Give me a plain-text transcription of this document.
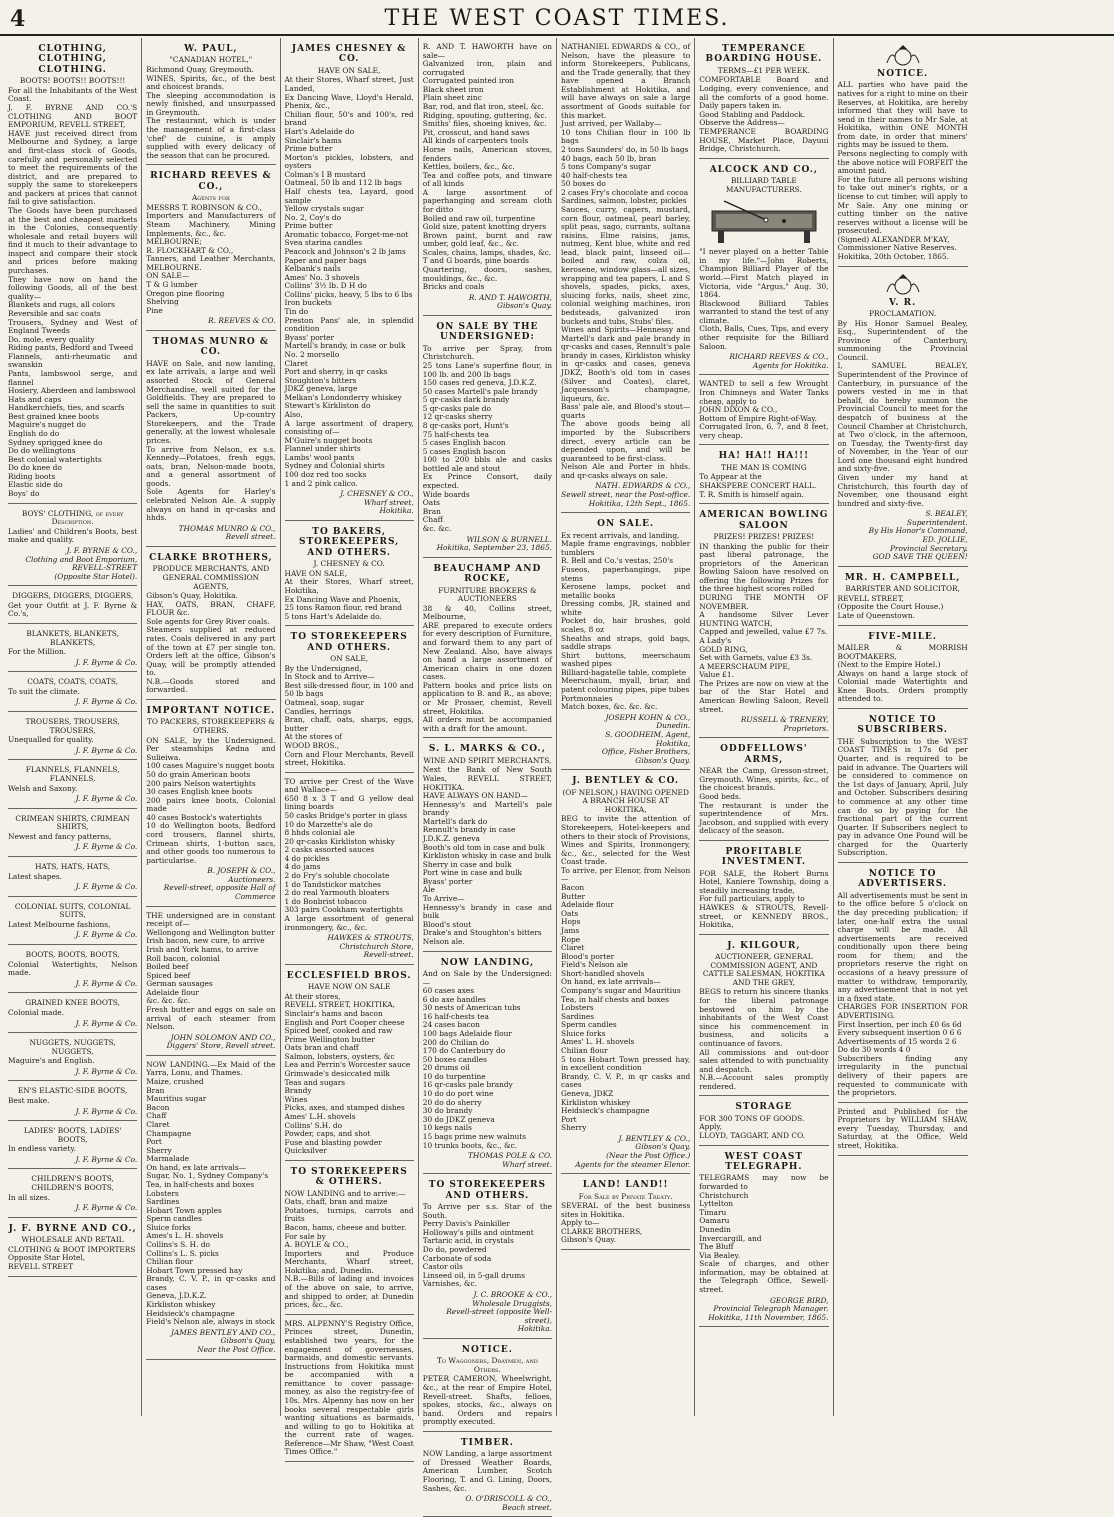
4	THE WEST COAST TIMES.
CLOTHING, CLOTHING, CLOTHING.
BOOTS! BOOTS!! BOOTS!!!
For all the Inhabitants of the West Coast.
J. F. BYRNE AND CO.'S CLOTHING AND BOOT EMPORIUM, REVELL STREET,
HAVE just received direct from Melbourne and Sydney, a large and first-class stock of Goods, carefully and personally selected to meet the requirements of the district, and are prepared to supply the same to storekeepers and packers at prices that cannot fail to give satisfaction.
The Goods have been purchased at the best and cheapest markets in the Colonies, consequently wholesale and retail buyers will find it much to their advantage to inspect and compare their stock and prices before making purchases.
They have now on hand the following Goods, all of the best quality—
Blankets and rugs, all colors
Reversible and sac coats
Trousers, Sydney and West of England Tweeds
Do. mole, every quality
Riding pants, Bedford and Tweed
Flannels, anti-rheumatic and swanskin
Pants, lambswool serge, and flannel
Hosiery, Aberdeen and lambswool
Hats and caps
Handkerchiefs, ties, and scarfs
Best grained knee boots
Maguire's nugget do
English do do
Sydney sprigged knee do
Do do wellingtons
Best colonial watertights
Do do knee do
Riding boots
Elastic side do
Boys' do
BOYS' CLOTHING, of every Description.
Ladies' and Children's Boots, best make and quality.
J. F. BYRNE & CO.,
Clothing and Boot Emporium,
REVELL-STREET
(Opposite Star Hotel).
DIGGERS, DIGGERS, DIGGERS,
Get your Outfit at J. F. Byrne & Co.'s,
BLANKETS, BLANKETS, BLANKETS,
For the Million.
J. F. Byrne & Co.
COATS, COATS, COATS,
To suit the climate.
J. F. Byrne & Co.
TROUSERS, TROUSERS, TROUSERS,
Unequalled for quality.
J. F. Byrne & Co.
FLANNELS, FLANNELS, FLANNELS,
Welsh and Saxony.
J. F. Byrne & Co.
CRIMEAN SHIRTS, CRIMEAN SHIRTS,
Newest and fancy patterns,
J. F. Byrne & Co.
HATS, HATS, HATS,
Latest shapes.
J. F. Byrne & Co.
COLONIAL SUITS, COLONIAL SUITS,
Latest Melbourne fashions,
J. F. Byrne & Co.
BOOTS, BOOTS, BOOTS,
Colonial Watertights, Nelson made.
J. F. Byrne & Co.
GRAINED KNEE BOOTS,
Colonial made.
J. F. Byrne & Co.
NUGGETS, NUGGETS, NUGGETS,
Maguire's and English.
J. F. Byrne & Co.
EN'S ELASTIC-SIDE BOOTS,
Best make.
J. F. Byrne & Co.
LADIES' BOOTS, LADIES' BOOTS,
In endless variety.
J. F. Byrne & Co.
CHILDREN'S BOOTS, CHILDREN'S BOOTS,
In all sizes.
J. F. Byrne & Co.
J. F. BYRNE AND CO.,
WHOLESALE AND RETAIL
CLOTHING & BOOT IMPORTERS
Opposite Star Hotel,
REVELL STREET
W. PAUL,
"CANADIAN HOTEL,"
Richmond Quay, Greymouth.
WINES, Spirits, &c., of the best and choicest brands.
The sleeping accommodation is newly finished, and unsurpassed in Greymouth.
The restaurant, which is under the management of a first-class 'chef' de cuisine, is amply supplied with every delicacy of the season that can be procured.
RICHARD REEVES & CO.,
Agents for
MESSRS T. ROBINSON & CO.,
Importers and Manufacturers of Steam Machinery, Mining Implements, &c., &c.
MELBOURNE;
R. FLOCKHART & CO.,
Tanners, and Leather Merchants, MELBOURNE.
ON SALE—
T & G lumber
Oregon pine flooring
Shelving
Pine
R. REEVES & CO.
THOMAS MUNRO & CO.
HAVE on Sale, and now landing, ex late arrivals, a large and well assorted Stock of General Merchandise, well suited for the Goldfields. They are prepared to sell the same in quantities to suit Packers, Up-country Storekeepers, and the Trade generally, at the lowest wholesale prices.
To arrive from Nelson, ex s.s. Kennedy—Potatoes, fresh eggs, oats, bran, Nelson-made boots, and a general assortment of goods.
Sole Agents for Harley's celebrated Nelson Ale. A supply always on hand in qr-casks and hhds.
THOMAS MUNRO & CO.,
Revell street.
CLARKE BROTHERS,
PRODUCE MERCHANTS, AND GENERAL COMMISSION AGENTS,
Gibson's Quay, Hokitika.
HAY, OATS, BRAN, CHAFF, FLOUR &c.
Sole agents for Grey River coals.
Steamers supplied at reduced rates. Coals delivered in any part of the town at £7 per single ton. Orders left at the office, Gibson's Quay, will be promptly attended to.
N.B.—Goods stored and forwarded.
IMPORTANT NOTICE.
TO PACKERS, STOREKEEPERS & OTHERS.
ON SALE, by the Undersigned. Per steamships Kedna and Sulieiwa.
100 cases Maguire's nugget boots
50 do grain American boots
200 pairs Nelson watertights
30 cases English knee boots
200 pairs knee boots, Colonial made
40 cases Bostock's watertights
10 do Wellington boots, Bedford cord trousers, flannel shirts, Crimean shirts, 1-button sacs, and other goods too numerous to particularise.
B. JOSEPH & CO.,
Auctioneers.
Revell-street, opposite Hall of Commerce
THE undersigned are in constant receipt of—
Wellongong and Wellington butter
Irish bacon, new cure, to arrive
Irish and York hams, to arrive
Roll bacon, colonial
Boiled beef
Spiced beef
German sausages
Adelaide flour
&c. &c. &c.
Fresh butter and eggs on sale on arrival of each steamer from Nelson.
JOHN SOLOMON AND CO.,
Diggers' Store, Revell street.
NOW LANDING.—Ex Maid of the Yarra, Lonu, and Thames.
Maize, crushed
Bran
Mauritius sugar
Bacon
Chaff
Claret
Champagne
Port
Sherry
Marmalade
On hand, ex late arrivals—
Sugar, No. 1, Sydney Company's
Tea, in half-chests and boxes
Lobsters
Sardines
Hobart Town apples
Sperm candles
Sluice forks
Ames's L. H. shovels
Collins's S. H. do
Collins's L. S. picks
Chilian flour
Hobart Town pressed hay
Brandy, C. V. P., in qr-casks and cases
Geneva, J.D.K.Z.
Kirkliston whiskey
Heidsieck's champagne
Field's Nelson ale, always in stock
JAMES BENTLEY AND CO.,
Gibson's Quay,
Near the Post Office.
JAMES CHESNEY & CO.
HAVE ON SALE,
At their Stores, Wharf street, Just Landed,
Ex Dancing Wave, Lloyd's Herald, Phenix, &c.,
Chilian flour, 50's and 100's, red brand
Hart's Adelaide do
Sinclair's hams
Prime butter
Morton's pickles, lobsters, and oysters
Colman's I B mustard
Oatmeal, 50 lb and 112 lb bags
Half chests tea, Layard, good sample
Yellow crystals sugar
No. 2, Coy's do
Prime butter
Aromatic tobacco, Forget-me-not
Svea starina candles
Peacock and Johnson's 2 lb jams
Paper and paper bags
Kelbank's nails
Ames' No. 3 shovels
Collins' 3½ lb. D H do
Collins' picks, heavy, 5 lbs to 6 lbs
Iron buckets
Tin do
Preston Pans' ale, in splendid condition
Byass' porter
Martell's brandy, in case or bulk
No. 2 morsello
Claret
Port and sherry, in qr casks
Stoughton's bitters
JDKZ geneva, large
Melkan's Londonderry whiskey
Stewart's Kirkliston do
Also,
A large assortment of drapery, consisting of—
M'Guire's nugget boots
Flannel under shirts
Lambs' wool pants
Sydney and Colonial shirts
100 doz red too socks
1 and 2 pink calico.
J. CHESNEY & CO.,
Wharf street,
Hokitika.
TO BAKERS, STOREKEEPERS, AND OTHERS.
J. CHESNEY & CO.
HAVE ON SALE,
At their Stores, Wharf street, Hokitika,
Ex Dancing Wave and Phoenix,
25 tons Ramon flour, red brand
5 tons Hart's Adelaide do.
TO STOREKEEPERS AND OTHERS.
ON SALE,
By the Undersigned,
In Stock and to Arrive—
Best silk-dressed flour, in 100 and 50 lb bags
Oatmeal, soap, sugar
Candles, herrings
Bran, chaff, oats, sharps, eggs, butter
At the stores of
WOOD BROS.,
Corn and Flour Merchants, Revell street, Hokitika.
TO arrive per Crest of the Wave and Wallace—
650 8 x 3 T and G yellow deal lining boards
50 casks Bridge's porter in glass
10 do Marzette's ale do
8 hhds colonial ale
20 qr-casks Kirkliston whisky
2 casks assorted sauces
4 do pickles
4 do jams
2 do Fry's soluble chocolate
1 do Tandstickor matches
2 do real Yarmouth bloaters
1 do Bonbrist tobacco
303 pairs Cookham watertights
A large assortment of general ironmongery, &c., &c.
HAWKES & STROUTS,
Christchurch Store,
Revell-street.
ECCLESFIELD BROS.
HAVE NOW ON SALE
At their stores,
REVELL STREET, HOKITIKA,
Sinclair's hams and bacon
English and Port Cooper cheese
Spiced beef, cooked and raw
Prime Wellington butter
Oats bran and chaff
Salmon, lobsters, oysters, &c
Lea and Perrin's Worcester sauce
Grimwade's desiccated milk
Teas and sugars
Brandy
Wines
Picks, axes, and stamped dishes
Ames' L.H. shovels
Collins' S.H. do
Powder, caps, and shot
Fuse and blasting powder
Quicksilver
TO STOREKEEPERS & OTHERS.
NOW LANDING and to arrive:—
Oats, chaff, bran and maize
Potatoes, turnips, carrots and fruits
Bacon, hams, cheese and butter.
For sale by
A. BOYLE & CO.,
Importers and Produce Merchants, Wharf street, Hokitika; and, Dunedin.
N.B.—Bills of lading and invoices of the above on sale, to arrive, and shipped to order, at Dunedin prices, &c., &c.
MRS. ALPENNY'S Registry Office, Princes street, Dunedin, established two years, for the engagement of governesses, barmaids, and domestic servants. Instructions from Hokitika must be accompanied with a remittance to cover passage-money, as also the registry-fee of 10s. Mrs. Alpenny has now on her books several respectable girls wanting situations as barmaids, and willing to go to Hokitika at the current rate of wages. Reference—Mr Shaw, "West Coast Times Office."
R. AND T. HAWORTH have on sale—
Galvanized iron, plain and corrugated
Corrugated painted iron
Black sheet iron
Plain sheet zinc
Bar, rod, and flat iron, steel, &c.
Ridging, spouting, guttering, &c.
Smiths' files, shoeing knives, &c.
Pit, crosscut, and hand saws
All kinds of carpenters tools
Horse nails, American stoves, fenders
Kettles, boilers, &c., &c.
Tea and coffee pots, and tinware of all kinds
A large assortment of paperhanging and scream cloth for ditto
Bolled and raw oil, turpentine
Gold size, patent knotting dryers
Brown paint, burnt and raw umber, gold leaf, &c., &c.
Scales, chains, lamps, shades, &c.
T and G boards, pine boards
Quartering, doors, sashes, mouldings, &c., &c.
Bricks and coals
R. AND T. HAWORTH,
Gibson's Quay.
ON SALE BY THE UNDERSIGNED:
To arrive per Spray, from Christchurch.
25 tons Lane's superfine flour, in 100 lb. and 200 lb bags
150 cases red geneva, J.D.K.Z.
50 cases Martell's pale brandy
5 qr-casks dark brandy
5 qr-casks pale do
12 qr-casks sherry
8 qr-casks port, Hunt's
75 half-chests tea
5 cases English bacon
5 cases English bacon
100 to 200 bbls ale and casks bottled ale and stout
Ex Prince Consort, daily expected.
Wide boards
Oats
Bran
Chaff
&c. &c.
WILSON & BURNELL.
Hokitika, September 23, 1865.
BEAUCHAMP AND ROCKE,
FURNITURE BROKERS & AUCTIONEERS
38 & 40, Collins street, Melbourne,
ARE prepared to execute orders for every description of Furniture, and forward them to any part of New Zealand. Also, have always on hand a large assortment of American chairs in one dozen cases.
Pattern books and price lists on application to B. and R., as above; or Mr Prosser, chemist, Revell street, Hokitika.
All orders must be accompanied with a draft for the amount.
S. L. MARKS & CO.,
WINE AND SPIRIT MERCHANTS,
Next the Bank of New South Wales, REVELL STREET, HOKITIKA.
HAVE ALWAYS ON HAND—
Hennessy's and Martell's pale brandy
Martell's dark do
Rennult's brandy in case
J.D.K.Z. geneva
Booth's old tom in case and bulk
Kirkliston whisky in case and bulk
Sherry in case and bulk
Port wine in case and bulk
Byass' porter
Ale
To Arrive—
Hennessy's brandy in case and bulk
Blood's stout
Drake's and Stoughton's bitters
Nelson ale.
NOW LANDING,
And on Sale by the Undersigned:—
60 cases axes
6 do axe handles
30 nests of American tubs
16 half-chests tea
24 cases bacon
100 bags Adelaide flour
200 do Chilian do
170 do Canterbury do
50 boxes candles
20 drums oil
10 do turpentine
16 qr-casks pale brandy
10 do do port wine
20 do do sherry
30 do brandy
30 do JDKZ geneva
10 kegs nails
15 bags prime new walnuts
10 trunks boots, &c., &c.
THOMAS POLE & CO.
Wharf street.
TO STOREKEEPERS AND OTHERS.
To Arrive per s.s. Star of the South.
Perry Davis's Painkiller
Holloway's pills and ointment
Tartaric acid, in crystals
Do do, powdered
Carbonate of soda
Castor oils
Linseed oil, in 5-gall drums
Varnishes, &c.
J. C. BROOKE & CO.,
Wholesale Druggists,
Revell-street (opposite Well-street),
Hokitika.
NOTICE.
To Waggoners, Draymen, and Others.
PETER CAMERON, Wheelwright, &c., at the rear of Empire Hotel, Revell-street. Shafts, felloes, spokes, stocks, &c., always on hand. Orders and repairs promptly executed.
TIMBER.
NOW Landing, a large assortment of Dressed Weather Boards, American Lumber, Scotch Flooring, T. and G. Lining, Doors, Sashes, &c.
O. O'DRISCOLL & CO.,
Beach street.
NATHANIEL EDWARDS & CO., of Nelson, have the pleasure to inform Storekeepers, Publicans, and the Trade generally, that they have opened a Branch Establishment at Hokitika, and will have always on sale a large assortment of Goods suitable for this market.
Just arrived, per Wallaby—
10 tons Chilian flour in 100 lb bags
2 tons Saunders' do, in 50 lb bags
40 bags, each 50 lb, bran
5 tons Company's sugar
40 half-chests tea
50 boxes do
2 cases Fry's chocolate and cocoa
Sardines, salmon, lobster, pickles
Sauces, curry, capers, mustard, corn flour, oatmeal, pearl barley, split peas, sago, currants, sultana raisins, Elme raisins, jams, nutmeg, Kent blue, white and red lead, black paint, linseed oil—boiled and raw, colza oil, kerosene, window glass—all sizes, wrapping and tea papers, L and S shovels, spades, picks, axes, sluicing forks, nails, sheet zinc, colonial weighing machines, iron bedsteads, galvanized iron buckets and tubs, Stubs' files.
Wines and Spirits—Hennessy and Martell's dark and pale brandy in qr-casks and cases, Rennult's pale brandy in cases, Kirkliston whisky in qr-casks and cases, geneva JDKZ, Booth's old tom in cases (Silver and Coates), claret, Jacquesson's champagne, liqueurs, &c.
Bass' pale ale, and Blood's stout—quarts
The above goods being all imported by the Subscribers direct, every article can be depended upon, and will be guaranteed to be first-class.
Nelson Ale and Porter in hhds. and qr-casks always on sale.
NATH. EDWARDS & CO.,
Sewell street, near the Post-office.
Hokitika, 12th Sept., 1865.
ON SALE.
Ex recent arrivals, and landing,
Maple frame engravings, nobbler tumblers
R. Bell and Co.'s vestas, 250's
Fuseos, paperhangings, pipe stems
Kerosene lamps, pocket and metallic books
Dressing combs, JR, stained and white
Pocket do, hair brushes, gold scales, 8 oz
Sheaths and straps, gold bags, saddle straps
Shirt buttons, meerschaum washed pipes
Billiard-bagatelle table, complete
Meerschaum, myall, briar, and patent colouring pipes, pipe tubes
Portmonnaies
Match boxes, &c. &c. &c.
JOSEPH KOHN & CO.,
Dunedin.
S. GOODHEIM, Agent,
Hokitika,
Office, Fisher Brothers,
Gibson's Quay.
J. BENTLEY & CO.
(OF NELSON,) HAVING OPENED A BRANCH HOUSE AT HOKITIKA,
BEG to invite the attention of Storekeepers, Hotel-keepers and others to their stock of Provisions, Wines and Spirits, Ironmongery, &c., &c., selected for the West Coast trade.
To arrive, per Elenor, from Nelson—
Bacon
Butter
Adelaide flour
Oats
Hops
Jams
Rope
Claret
Blood's porter
Field's Nelson ale
Short-handled shovels
On hand, ex late arrivals—
Company's sugar and Mauritius
Tea, in half chests and boxes
Lobsters
Sardines
Sperm candles
Sluice forks
Ames' L. H. shovels
Chilian flour
5 tons Hobart Town pressed hay, in excellent condition
Brandy, C. V. P., in qr casks and cases
Geneva, JDKZ
Kirkliston whiskey
Heidsieck's champagne
Port
Sherry
J. BENTLEY & CO.,
Gibson's Quay,
(Near the Post Office.)
Agents for the steamer Elenor.
LAND! LAND!!
For Sale by Private Treaty.
SEVERAL of the best business sites in Hokitika.
Apply to—
CLARKE BROTHERS,
Gibson's Quay.
TEMPERANCE BOARDING HOUSE.
TERMS—£1 PER WEEK.
COMFORTABLE Board and Lodging, every convenience, and all the comforts of a good home. Daily papers taken in.
Good Stabling and Paddock.
Observe the Address—
TEMPERANCE BOARDING HOUSE, Market Place, Dayuui Bridge, Christchurch.
ALCOCK AND CO.,
BILLIARD TABLE MANUFACTURERS.
"I never played on a better Table in my life."—John Roberts, Champion Billiard Player of the world.—First Match played in Victoria, vide "Argus," Aug. 30, 1864.
Blackwood Billiard Tables warranted to stand the test of any climate.
Cloth, Balls, Cues, Tips, and every other requisite for the Billiard Saloon.
RICHARD REEVES & CO.,
Agents for Hokitika.
WANTED to sell a few Wrought Iron Chimneys and Water Tanks cheap, apply to
JOHN DIXON & CO.,
Bottom of Empire Right-of-Way.
Corrugated Iron, 6, 7, and 8 feet, very cheap.
HA! HA!! HA!!!
THE MAN IS COMING
To Appear at the
SHAKSPERE CONCERT HALL.
T. R. Smith is himself again.
AMERICAN BOWLING SALOON
PRIZES! PRIZES! PRIZES!
IN thanking the public for their past liberal patronage, the proprietors of the American Bowling Saloon have resolved on offering the following Prizes for the three highest scores rolled
DURING THE MONTH OF NOVEMBER.
A handsome Silver Lever HUNTING WATCH,
Capped and jewelled, value £7 7s.
A Lady's
GOLD RING,
Set with Garnets, value £3 3s.
A MEERSCHAUM PIPE,
Value £1.
The Prizes are now on view at the bar of the Star Hotel and American Bowling Saloon, Revell street.
RUSSELL & TRENERY, Proprietors.
ODDFELLOWS' ARMS,
NEAR the Camp, Gresson-street, Greymouth. Wines, spirits, &c., of the choicest brands.
Good beds.
The restaurant is under the superintendence of Mrs. Jacobson, and supplied with every delicacy of the season.
PROFITABLE INVESTMENT.
FOR SALE, the Robert Burns Hotel, Kaniere Township, doing a steadily increasing trade,
For full particulars, apply to
HAWKES & STROUTS, Revell-street, or KENNEDY BROS., Hokitika,
J. KILGOUR,
AUCTIONEER, GENERAL COMMISSION AGENT, AND CATTLE SALESMAN, HOKITIKA AND THE GREY,
BEGS to return his sincere thanks for the liberal patronage bestowed on him by the inhabitants of the West Coast since his commencement in business, and solicits a continuance of favors.
All commissions and out-door sales attended to with punctuality and despatch.
N.B.—Account sales promptly rendered.
STORAGE
FOR 300 TONS OF GOODS.
Apply,
LLOYD, TAGGART, AND CO.
WEST COAST TELEGRAPH.
TELEGRAMS may now be forwarded to
Christchurch
Lyttelton
Timaru
Oamaru
Dunedin
Invercargill, and
The Bluff
Via Bealey.
Scale of charges, and other information, may be obtained at the Telegraph Office, Sewell-street.
GEORGE BIRD,
Provincial Telegraph Manager.
Hokitika, 11th November, 1865.
NOTICE.
ALL parties who have paid the natives for a right to mine on their Reserves, at Hokitika, are hereby informed that they will have to send in their names to Mr Sale, at Hokitika, within ONE MONTH from date, in order that miners' rights may be issued to them.
Persons neglecting to comply with the above notice will FORFEIT the amount paid.
For the future all persons wishing to take out miner's rights, or a license to cut timber, will apply to Mr Sale. Any one mining or cutting timber on the native reserves without a license will be prosecuted.
(Signed) ALEXANDER M'KAY,
Commissioner Native Reserves.
Hokitika, 20th October, 1865.
V. R.
PROCLAMATION.
By His Honor Samuel Bealey, Esq., Superintendent of the Province of Canterbury, summoning the Provincial Council.
I, SAMUEL BEALEY, Superintendent of the Province of Canterbury, in pursuance of the powers vested in me in that behalf, do hereby summon the Provincial Council to meet for the despatch of business at the Council Chamber at Christchurch, at Two o'clock, in the afternoon, on Tuesday, the Twenty-first day of November, in the Year of our Lord one thousand eight hundred and sixty-five.
Given under my hand at Christchurch, this fourth day of November, one thousand eight hundred and sixty-five.
S. BEALEY,
Superintendent.
By His Honor's Command,
ED. JOLLIE,
Provincial Secretary.
GOD SAVE THE QUEEN!
MR. H. CAMPBELL,
BARRISTER AND SOLICITOR,
REVELL STREET,
(Opposite the Court House.)
Late of Queenstown.
FIVE-MILE.
MAILER & MORRISH BOOTMAKERS,
(Next to the Empire Hotel.)
Always on hand a large stock of Colonial made Watertights and Knee Boots. Orders promptly attended to.
NOTICE TO SUBSCRIBERS.
THE Subscription to the WEST COAST TIMES is 17s 6d per Quarter, and is required to be paid in advance. The Quarters will be considered to commence on the 1st days of January, April, July and October. Subscribers desiring to commence at any other time can do so by paying for the fractional part of the current Quarter. If Subscribers neglect to pay in advance One Pound will be charged for the Quarterly Subscription.
NOTICE TO ADVERTISERS.
All advertisements must be sent in to the office before 5 o'clock on the day preceding publication; if later, one-half extra the usual charge will be made. All advertisements are received conditionally upon there being room for them; and the proprietors reserve the right on occasions of a heavy pressure of matter to withdraw, temporarily, any advertisement that is not yet in a fixed state.
CHARGES FOR INSERTION FOR ADVERTISING.
First Insertion, per inch £0 6s 6d
Every subsequent insertion 0 6 6
Advertisements of 15 words 2 6
Do do 30 words 4 0
Subscribers finding any irregularity in the punctual delivery of their papers are requested to communicate with the proprietors.
Printed and Published for the Proprietors by WILLIAM SHAW, every Tuesday, Thursday, and Saturday, at the Office, Weld street, Hokitika.
